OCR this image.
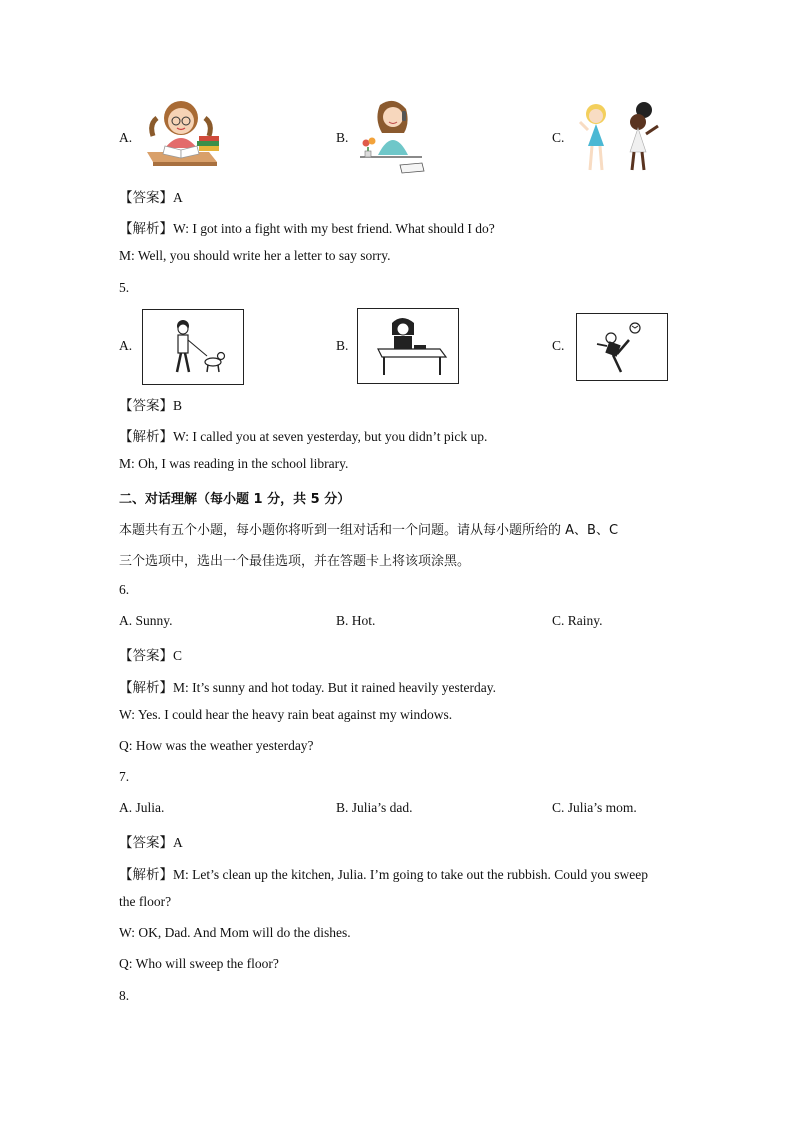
A.	B.	C.
【答案】A
【解析】W: I got into a fight with my best friend. What should I do?
M: Well, you should write her a letter to say sorry.
5.
A.	B.	C.
【答案】B
【解析】W: I called you at seven yesterday, but you didn’t pick up.
M: Oh, I was reading in the school library.
二、对话理解（每小题 1 分，共 5 分）
本题共有五个小题，每小题你将听到一组对话和一个问题。请从每小题所给的 A、B、C
三个选项中，选出一个最佳选项，并在答题卡上将该项涂黑。
6.
A. Sunny.	B. Hot.	C. Rainy.
【答案】C
【解析】M: It’s sunny and hot today. But it rained heavily yesterday.
W: Yes. I could hear the heavy rain beat against my windows.
Q: How was the weather yesterday?
7.
A. Julia.	B. Julia’s dad.	C. Julia’s mom.
【答案】A
【解析】M: Let’s clean up the kitchen, Julia. I’m going to take out the rubbish. Could you sweep
the floor?
W: OK, Dad. And Mom will do the dishes.
Q: Who will sweep the floor?
8.
